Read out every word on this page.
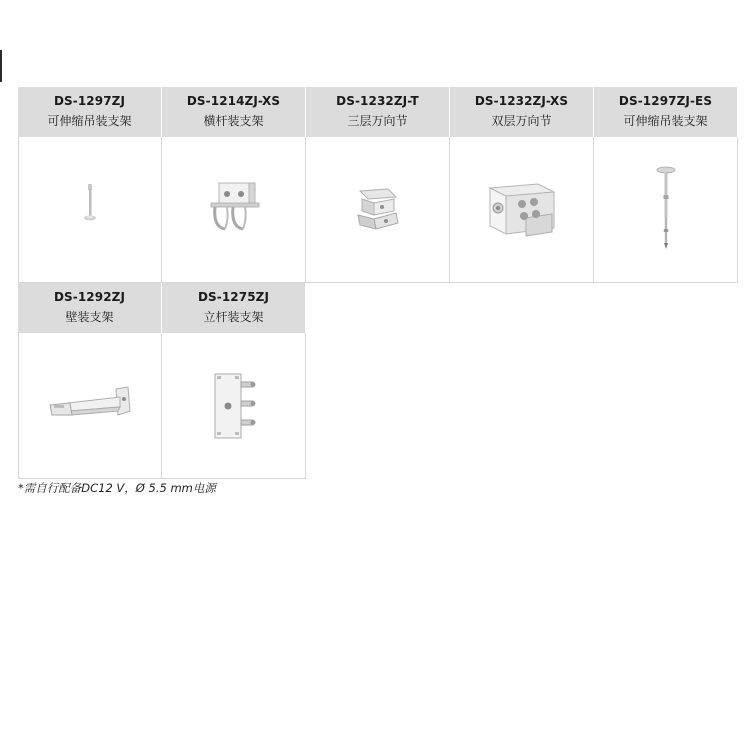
DS-1297ZJ
可伸缩吊装支架
DS-1214ZJ-XS
横杆装支架
DS-1232ZJ-T
三层万向节
DS-1232ZJ-XS
双层万向节
DS-1297ZJ-ES
可伸缩吊装支架
DS-1292ZJ
壁装支架
DS-1275ZJ
立杆装支架
*需自行配备DC12 V，Ø 5.5 mm电源
